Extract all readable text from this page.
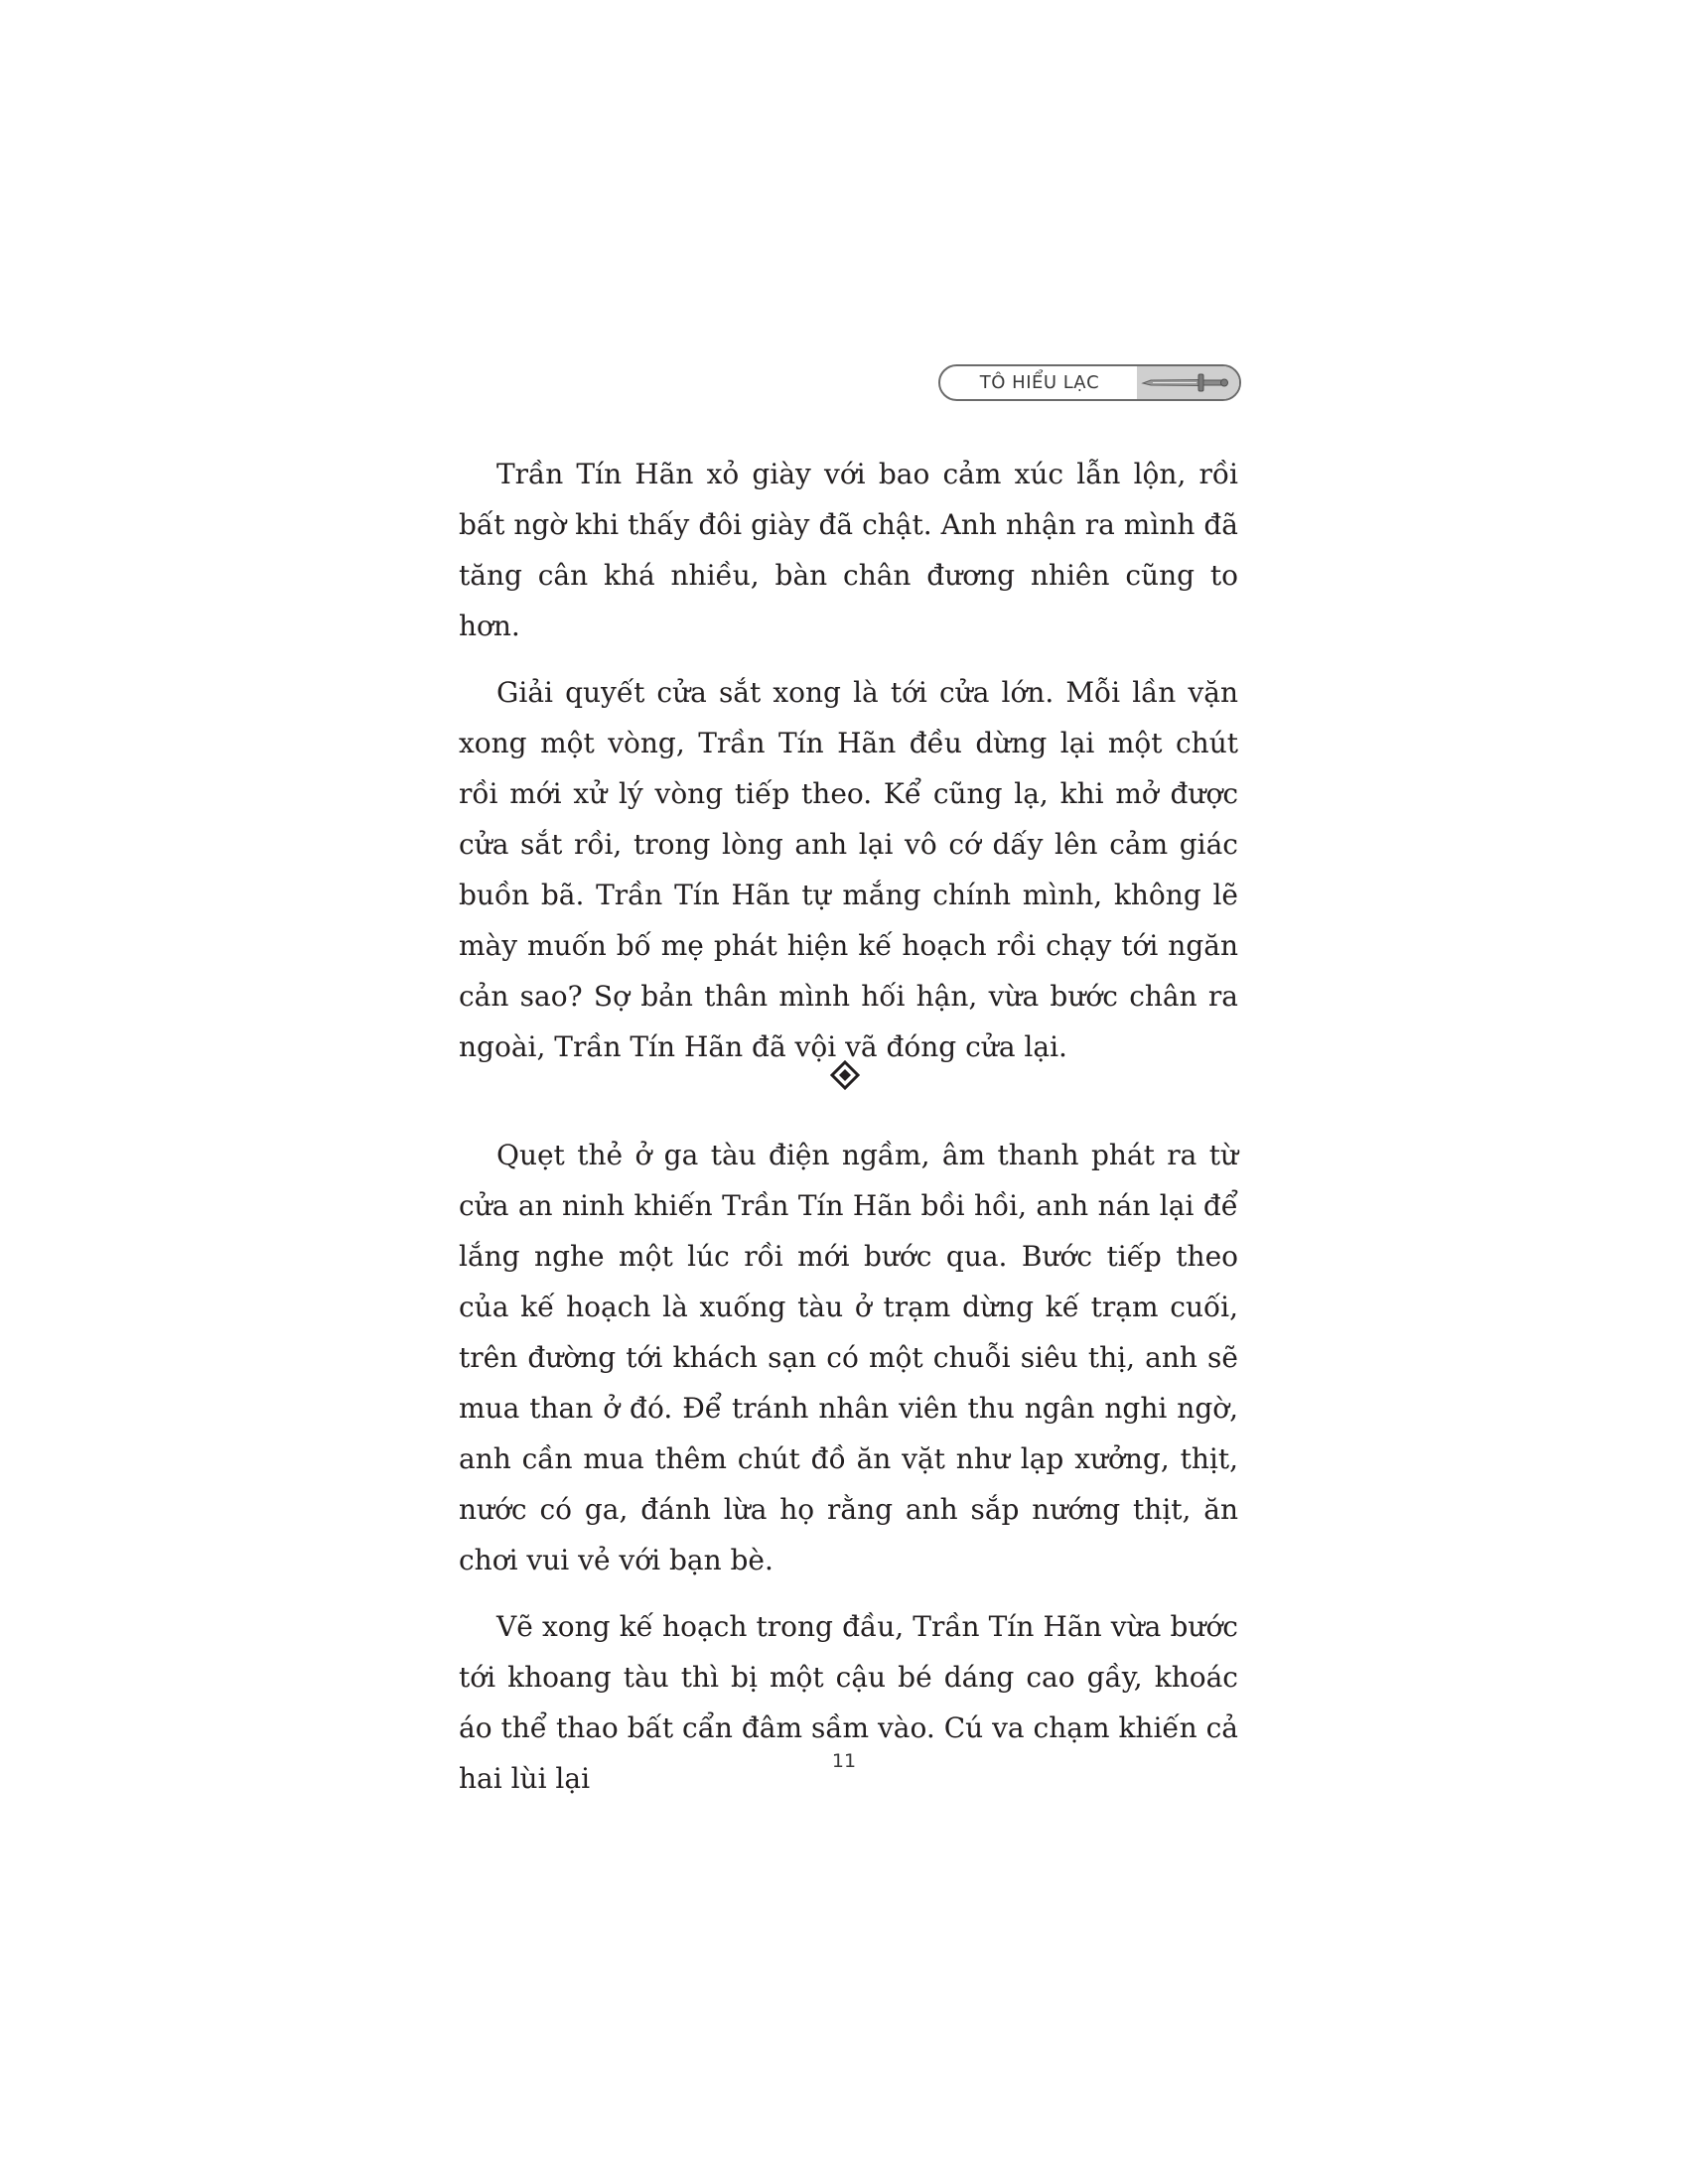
TÔ HIỂU LẠC

Trần Tín Hãn xỏ giày với bao cảm xúc lẫn lộn, rồi bất ngờ khi thấy đôi giày đã chật. Anh nhận ra mình đã tăng cân khá nhiều, bàn chân đương nhiên cũng to hơn.

Giải quyết cửa sắt xong là tới cửa lớn. Mỗi lần vặn xong một vòng, Trần Tín Hãn đều dừng lại một chút rồi mới xử lý vòng tiếp theo. Kể cũng lạ, khi mở được cửa sắt rồi, trong lòng anh lại vô cớ dấy lên cảm giác buồn bã. Trần Tín Hãn tự mắng chính mình, không lẽ mày muốn bố mẹ phát hiện kế hoạch rồi chạy tới ngăn cản sao? Sợ bản thân mình hối hận, vừa bước chân ra ngoài, Trần Tín Hãn đã vội vã đóng cửa lại.

Quẹt thẻ ở ga tàu điện ngầm, âm thanh phát ra từ cửa an ninh khiến Trần Tín Hãn bồi hồi, anh nán lại để lắng nghe một lúc rồi mới bước qua. Bước tiếp theo của kế hoạch là xuống tàu ở trạm dừng kế trạm cuối, trên đường tới khách sạn có một chuỗi siêu thị, anh sẽ mua than ở đó. Để tránh nhân viên thu ngân nghi ngờ, anh cần mua thêm chút đồ ăn vặt như lạp xưởng, thịt, nước có ga, đánh lừa họ rằng anh sắp nướng thịt, ăn chơi vui vẻ với bạn bè.

Vẽ xong kế hoạch trong đầu, Trần Tín Hãn vừa bước tới khoang tàu thì bị một cậu bé dáng cao gầy, khoác áo thể thao bất cẩn đâm sầm vào. Cú va chạm khiến cả hai lùi lại

11
